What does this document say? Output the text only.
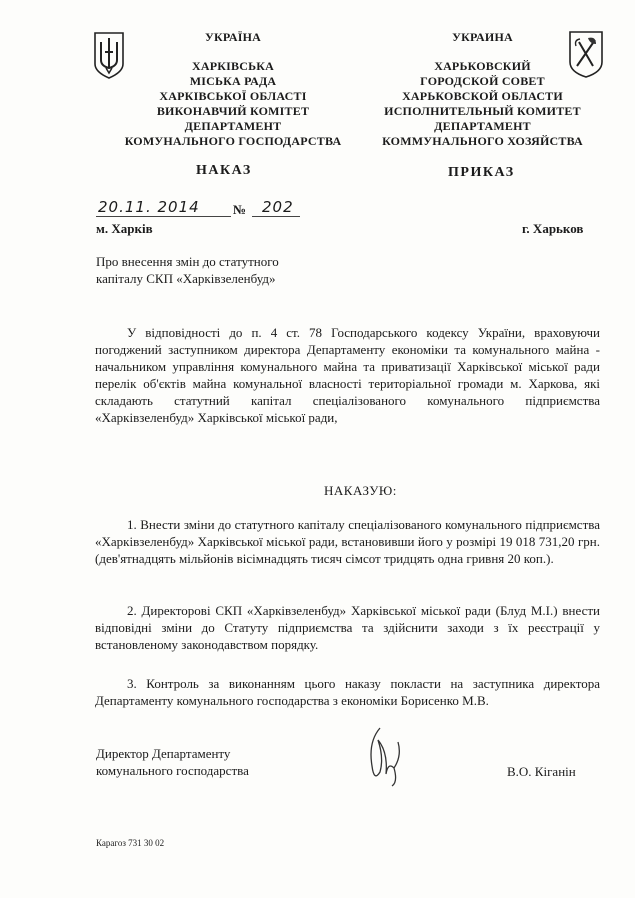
УКРАЇНА
ХАРКІВСЬКА
МІСЬКА РАДА
ХАРКІВСЬКОЇ ОБЛАСТІ
ВИКОНАВЧИЙ КОМІТЕТ
ДЕПАРТАМЕНТ
КОМУНАЛЬНОГО ГОСПОДАРСТВА
УКРАИНА
ХАРЬКОВСКИЙ
ГОРОДСКОЙ СОВЕТ
ХАРЬКОВСКОЙ ОБЛАСТИ
ИСПОЛНИТЕЛЬНЫЙ КОМИТЕТ
ДЕПАРТАМЕНТ
КОММУНАЛЬНОГО ХОЗЯЙСТВА
НАКАЗ	ПРИКАЗ
20.11. 2014	№ 202
м. Харків	г. Харьков
Про внесення змін до статутного
капіталу СКП «Харківзеленбуд»
У відповідності до п. 4 ст. 78 Господарського кодексу України, враховуючи погоджений заступником директора Департаменту економіки та комунального майна - начальником управління комунального майна та приватизації Харківської міської ради перелік об'єктів майна комунальної власності територіальної громади м. Харкова, які складають статутний капітал спеціалізованого комунального підприємства «Харківзеленбуд» Харківської міської ради,
НАКАЗУЮ:
1. Внести зміни до статутного капіталу спеціалізованого комунального підприємства «Харківзеленбуд» Харківської міської ради, встановивши його у розмірі 19 018 731,20 грн. (дев'ятнадцять мільйонів вісімнадцять тисяч сімсот тридцять одна гривня 20 коп.).
2. Директорові СКП «Харківзеленбуд» Харківської міської ради (Блуд М.І.) внести відповідні зміни до Статуту підприємства та здійснити заходи з їх реєстрації у встановленому законодавством порядку.
3. Контроль за виконанням цього наказу покласти на заступника директора Департаменту комунального господарства з економіки Борисенко М.В.
Директор Департаменту
комунального господарства	В.О. Кіганін
Карагоз 731 30 02
